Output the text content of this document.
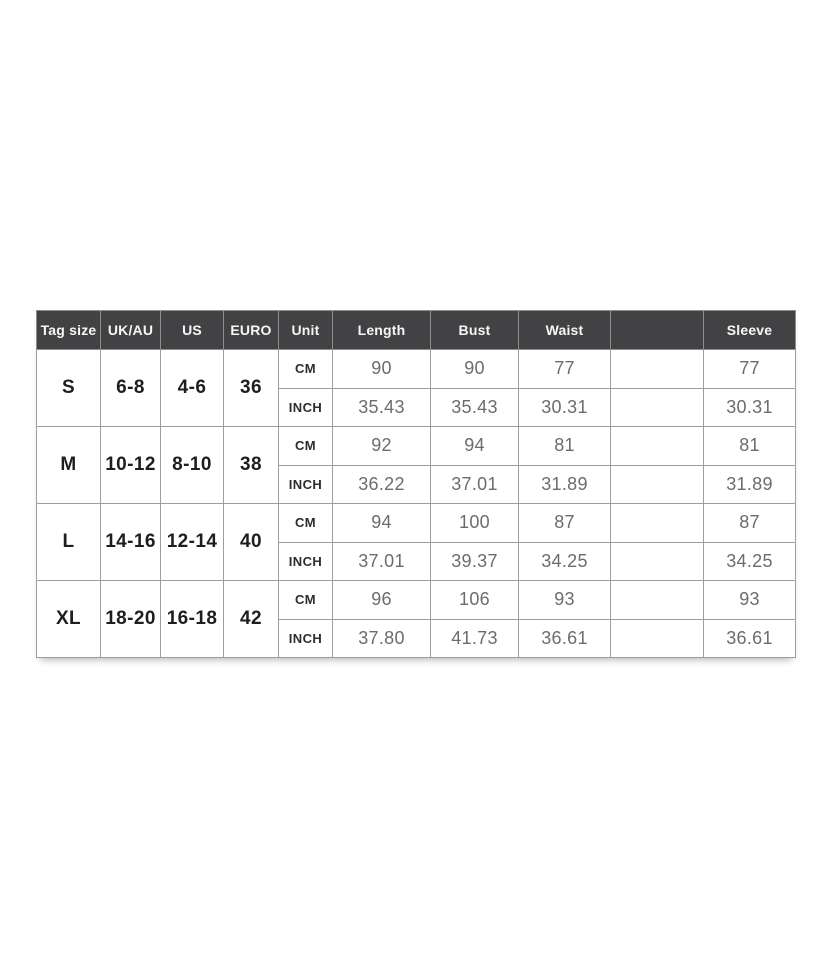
Tag size	UK/AU	US	EURO	Unit	Length	Bust	Waist		Sleeve
S	6-8	4-6	36	CM	90	90	77		77
				INCH	35.43	35.43	30.31		30.31
M	10-12	8-10	38	CM	92	94	81		81
				INCH	36.22	37.01	31.89		31.89
L	14-16	12-14	40	CM	94	100	87		87
				INCH	37.01	39.37	34.25		34.25
XL	18-20	16-18	42	CM	96	106	93		93
				INCH	37.80	41.73	36.61		36.61
